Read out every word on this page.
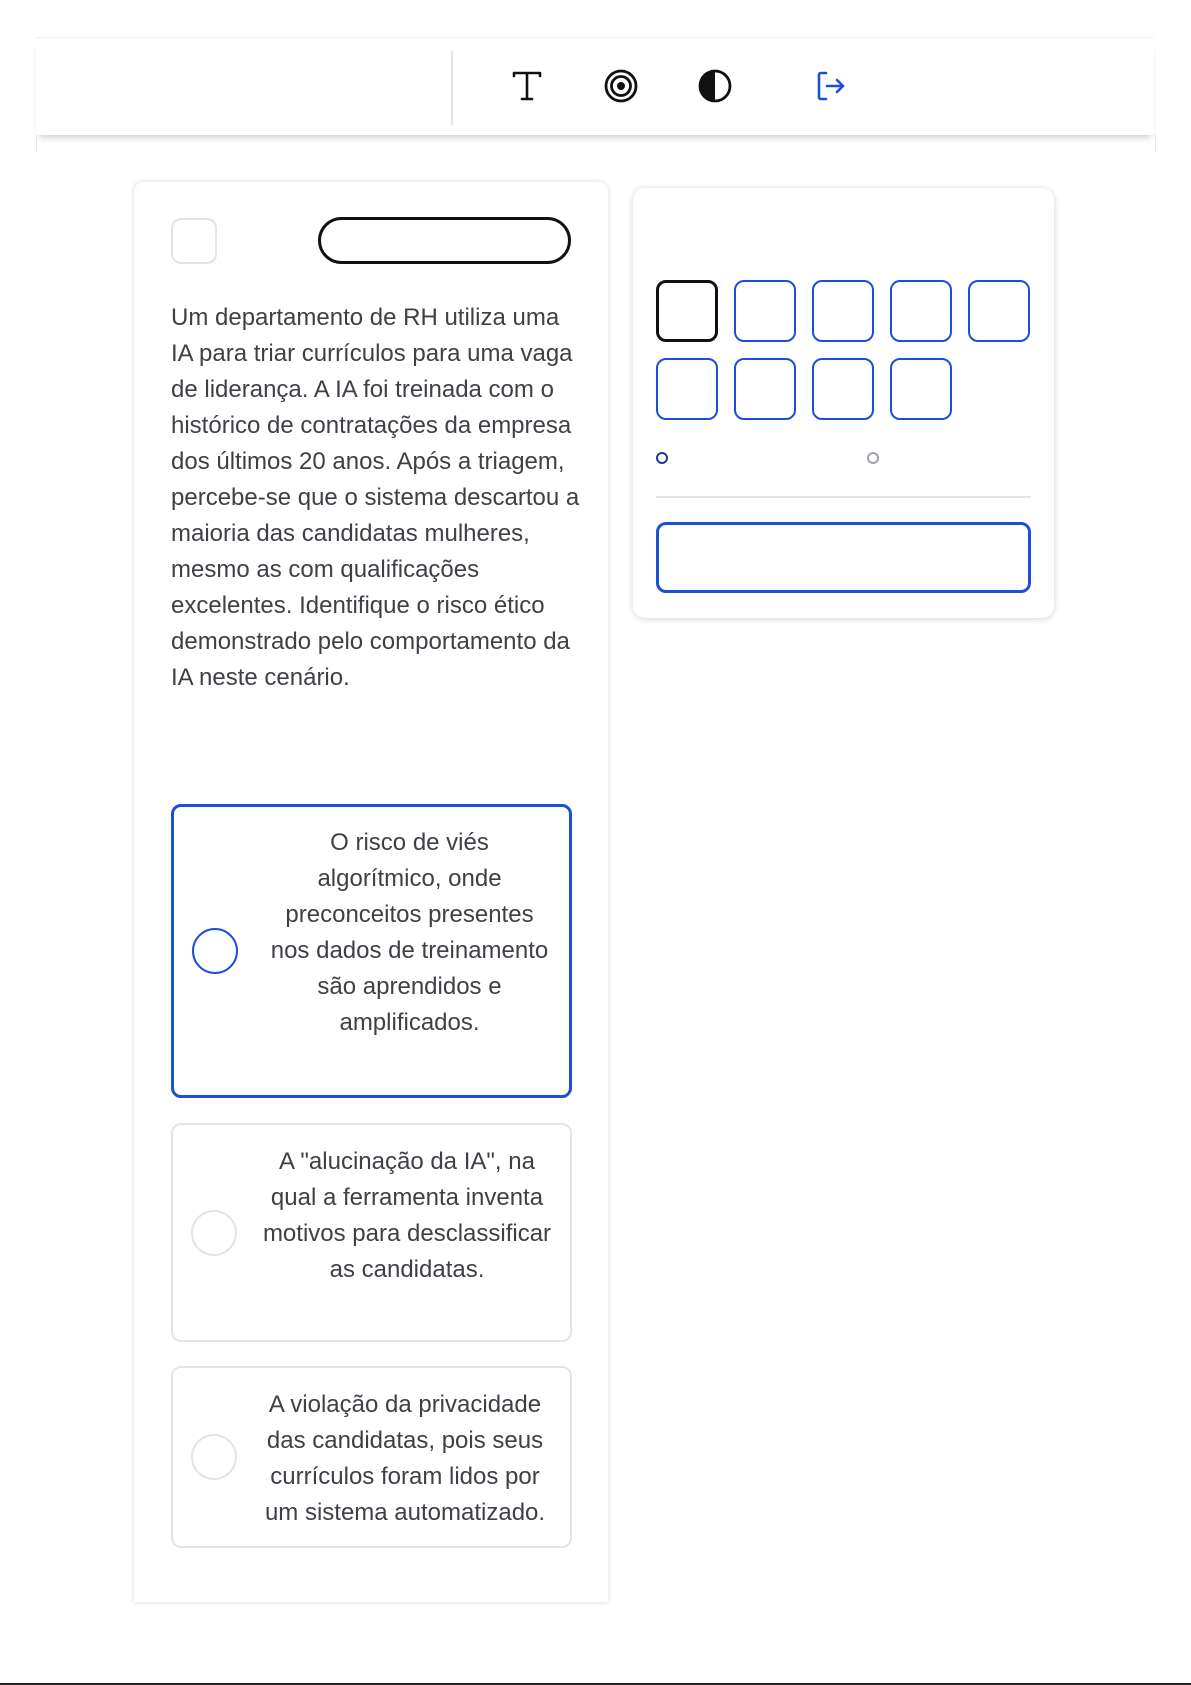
Um departamento de RH utiliza uma IA para triar currículos para uma vaga de liderança. A IA foi treinada com o histórico de contratações da empresa dos últimos 20 anos. Após a triagem, percebe-se que o sistema descartou a maioria das candidatas mulheres, mesmo as com qualificações excelentes. Identifique o risco ético demonstrado pelo comportamento da IA neste cenário.

O risco de viés algorítmico, onde preconceitos presentes nos dados de treinamento são aprendidos e amplificados.
A "alucinação da IA", na qual a ferramenta inventa motivos para desclassificar as candidatas.
A violação da privacidade das candidatas, pois seus currículos foram lidos por um sistema automatizado.
